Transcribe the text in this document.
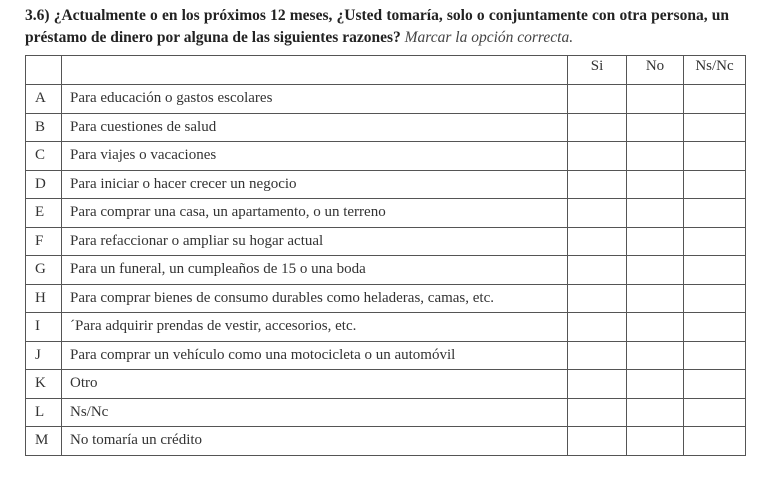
3.6) ¿Actualmente o en los próximos 12 meses, ¿Usted tomaría, solo o conjuntamente con otra persona, un préstamo de dinero por alguna de las siguientes razones? Marcar la opción correcta.
		Si	No	Ns/Nc
A	Para educación o gastos escolares			
B	Para cuestiones de salud			
C	Para viajes o vacaciones			
D	Para iniciar o hacer crecer un negocio			
E	Para comprar una casa, un apartamento, o un terreno			
F	Para refaccionar o ampliar su hogar actual			
G	Para un funeral, un cumpleaños de 15 o una boda			
H	Para comprar bienes de consumo durables como heladeras, camas, etc.			
I	´Para adquirir prendas de vestir, accesorios, etc.			
J	Para comprar un vehículo como una motocicleta o un automóvil			
K	Otro			
L	Ns/Nc			
M	No tomaría un crédito			
